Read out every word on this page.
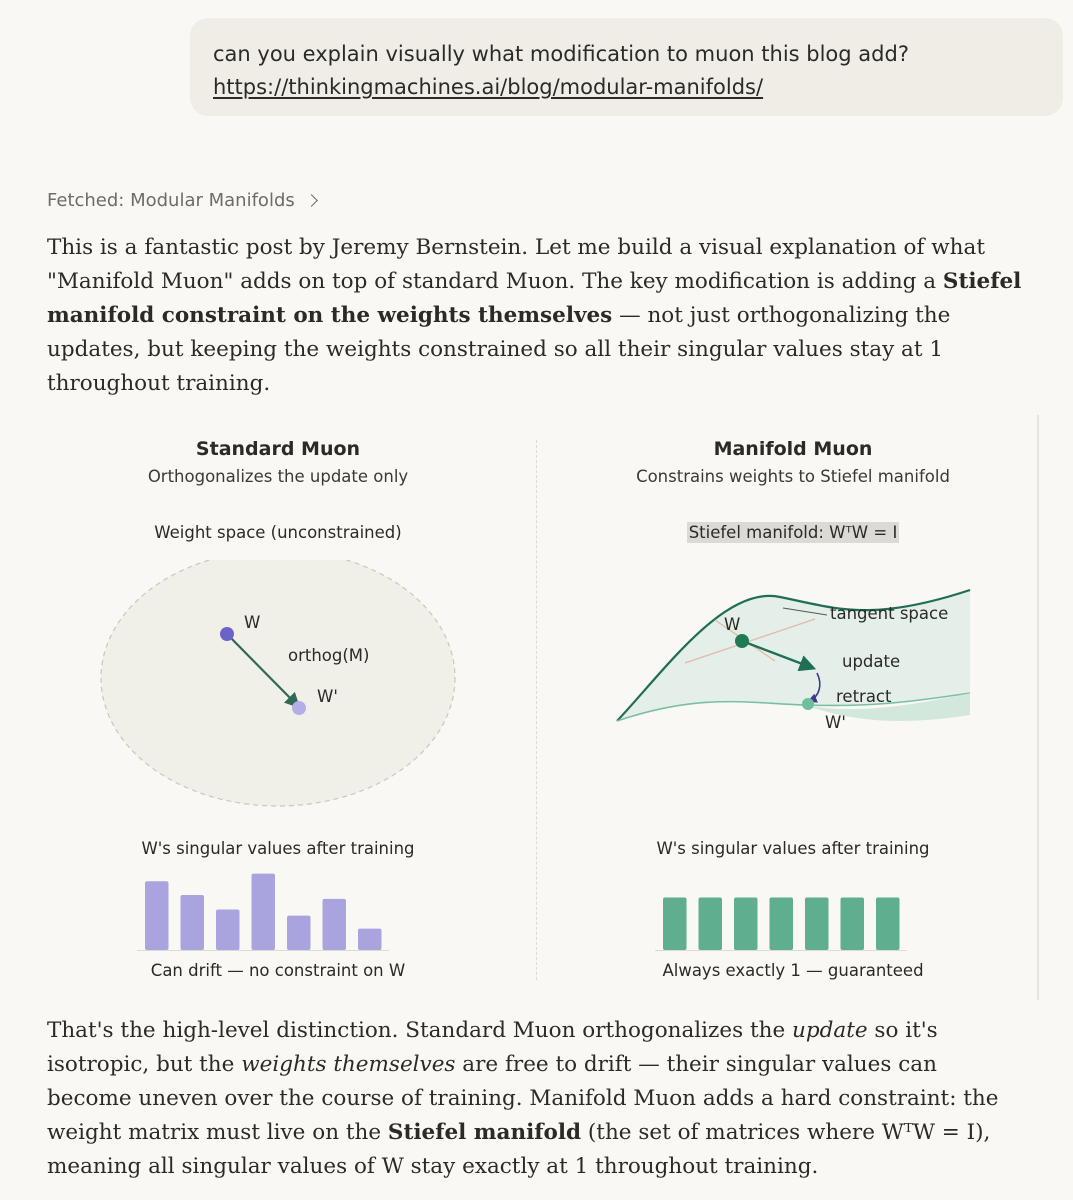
can you explain visually what modification to muon this blog add?
https://thinkingmachines.ai/blog/modular-manifolds/
Fetched: Modular Manifolds
This is a fantastic post by Jeremy Bernstein. Let me build a visual explanation of what "Manifold Muon" adds on top of standard Muon. The key modification is adding a Stiefel manifold constraint on the weights themselves — not just orthogonalizing the updates, but keeping the weights constrained so all their singular values stay at 1 throughout training.
Standard Muon
Orthogonalizes the update only
Weight space (unconstrained)
Manifold Muon
Constrains weights to Stiefel manifold
Stiefel manifold: WᵀW = I
W
orthog(M)
W'
W
tangent space
update
retract
W'
W's singular values after training	W's singular values after training
Can drift — no constraint on W	Always exactly 1 — guaranteed
That's the high-level distinction. Standard Muon orthogonalizes the update so it's isotropic, but the weights themselves are free to drift — their singular values can become uneven over the course of training. Manifold Muon adds a hard constraint: the weight matrix must live on the Stiefel manifold (the set of matrices where WᵀW = I), meaning all singular values of W stay exactly at 1 throughout training.
